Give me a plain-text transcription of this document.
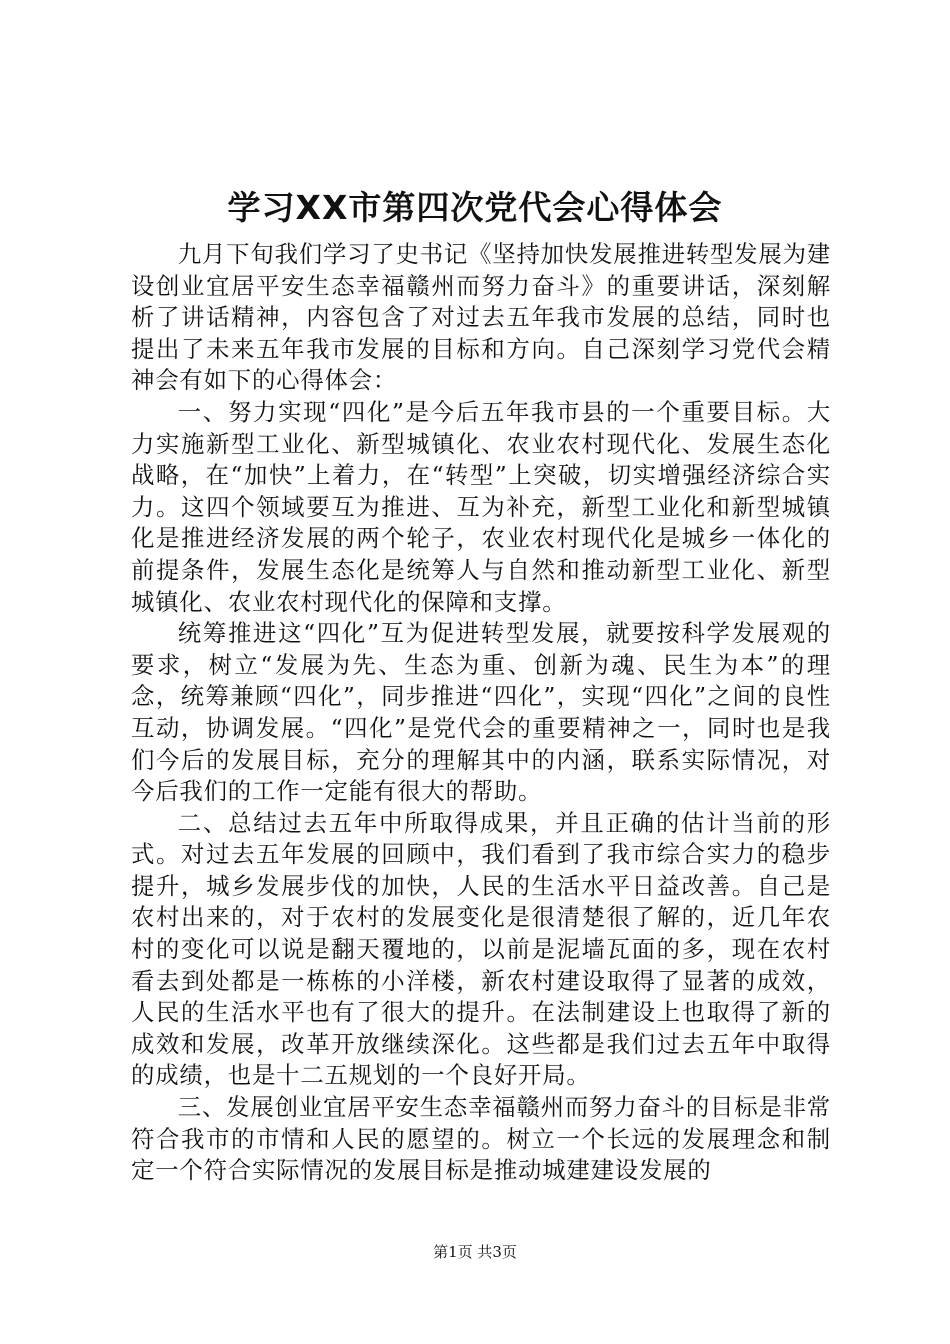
学习XX市第四次党代会心得体会

九月下旬我们学习了史书记《坚持加快发展推进转型发展为建设创业宜居平安生态幸福赣州而努力奋斗》的重要讲话，深刻解析了讲话精神，内容包含了对过去五年我市发展的总结，同时也提出了未来五年我市发展的目标和方向。自己深刻学习党代会精神会有如下的心得体会：

一、努力实现“四化”是今后五年我市县的一个重要目标。大力实施新型工业化、新型城镇化、农业农村现代化、发展生态化战略，在“加快”上着力，在“转型”上突破，切实增强经济综合实力。这四个领域要互为推进、互为补充，新型工业化和新型城镇化是推进经济发展的两个轮子，农业农村现代化是城乡一体化的前提条件，发展生态化是统筹人与自然和推动新型工业化、新型城镇化、农业农村现代化的保障和支撑。

统筹推进这“四化”互为促进转型发展，就要按科学发展观的要求，树立“发展为先、生态为重、创新为魂、民生为本”的理念，统筹兼顾“四化”，同步推进“四化”，实现“四化”之间的良性互动，协调发展。“四化”是党代会的重要精神之一，同时也是我们今后的发展目标，充分的理解其中的内涵，联系实际情况，对今后我们的工作一定能有很大的帮助。

二、总结过去五年中所取得成果，并且正确的估计当前的形式。对过去五年发展的回顾中，我们看到了我市综合实力的稳步提升，城乡发展步伐的加快，人民的生活水平日益改善。自己是农村出来的，对于农村的发展变化是很清楚很了解的，近几年农村的变化可以说是翻天覆地的，以前是泥墙瓦面的多，现在农村看去到处都是一栋栋的小洋楼，新农村建设取得了显著的成效，人民的生活水平也有了很大的提升。在法制建设上也取得了新的成效和发展，改革开放继续深化。这些都是我们过去五年中取得的成绩，也是十二五规划的一个良好开局。

三、发展创业宜居平安生态幸福赣州而努力奋斗的目标是非常符合我市的市情和人民的愿望的。树立一个长远的发展理念和制定一个符合实际情况的发展目标是推动城建建设发展的

第1页 共3页
